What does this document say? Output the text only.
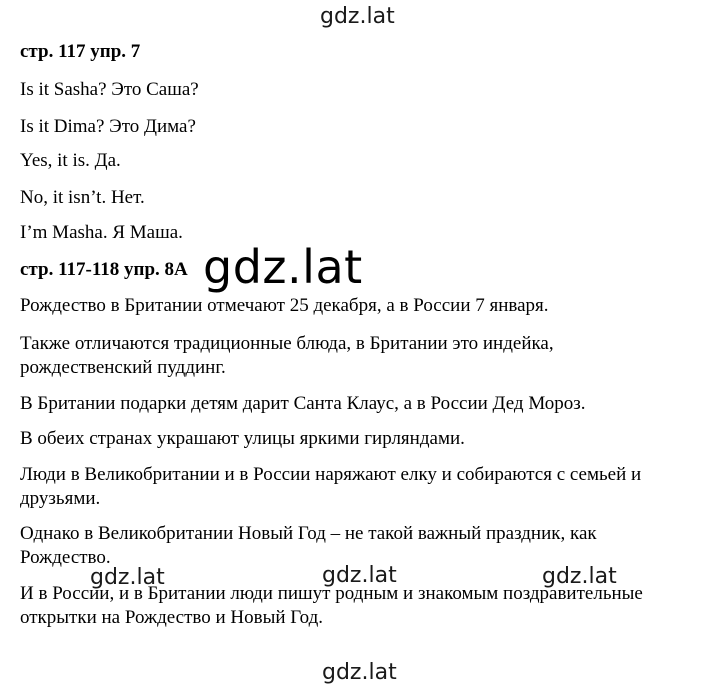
gdz.lat

стр. 117 упр. 7

Is it Sasha? Это Саша?

Is it Dima? Это Дима?

Yes, it is. Да.

No, it isn’t. Нет.

I’m Masha. Я Маша.

стр. 117-118 упр. 8А gdz.lat

Рождество в Британии отмечают 25 декабря, а в России 7 января.

Также отличаются традиционные блюда, в Британии это индейка,

рождественский пуддинг.

В Британии подарки детям дарит Санта Клаус, а в России Дед Мороз.

В обеих странах украшают улицы яркими гирляндами.

Люди в Великобритании и в России наряжают елку и собираются с семьей и

друзьями.

Однако в Великобритании Новый Год – не такой важный праздник, как

Рождество.

gdz.lat	gdz.lat	gdz.lat

И в России, и в Британии люди пишут родным и знакомым поздравительные

открытки на Рождество и Новый Год.

gdz.lat
